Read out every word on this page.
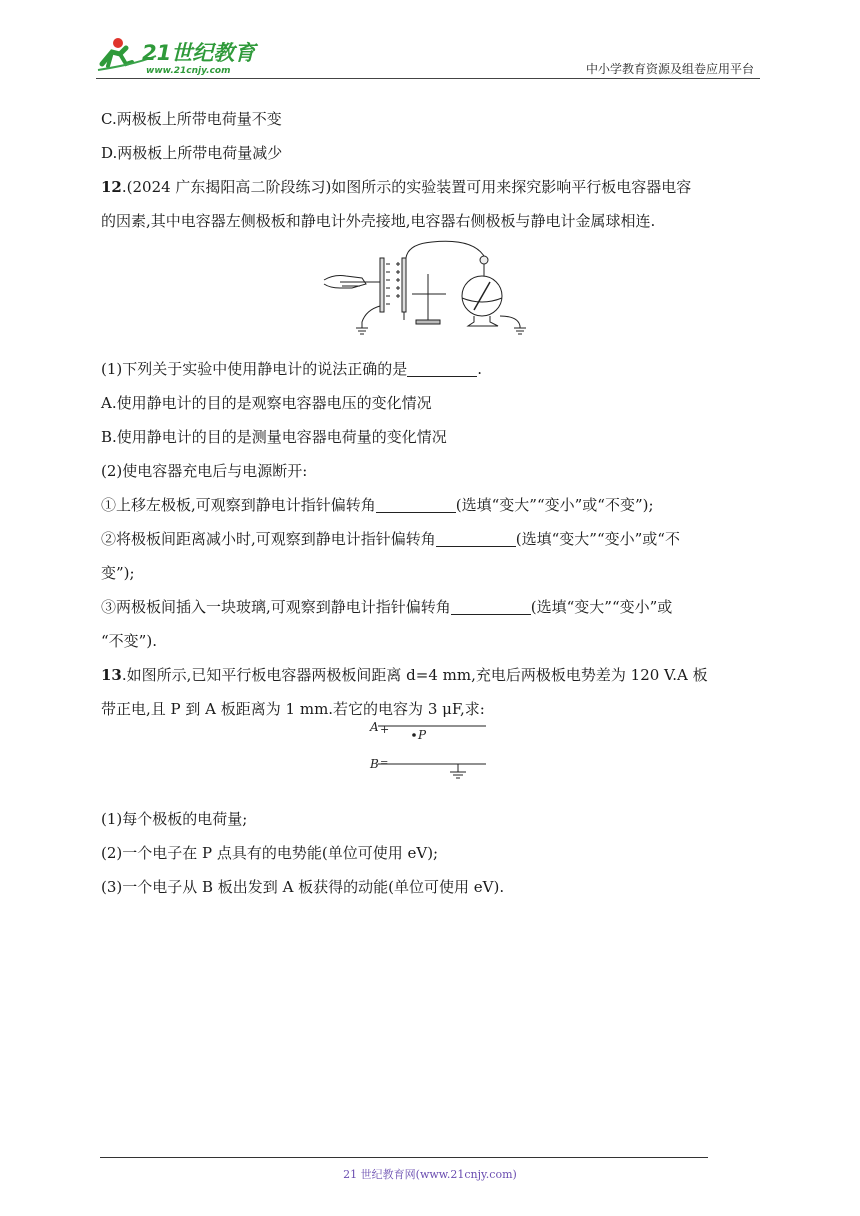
21世纪教育
www.21cnjy.com	中小学教育资源及组卷应用平台
C.两极板上所带电荷量不变
D.两极板上所带电荷量减少
12.(2024 广东揭阳高二阶段练习)如图所示的实验装置可用来探究影响平行板电容器电容
的因素,其中电容器左侧极板和静电计外壳接地,电容器右侧极板与静电计金属球相连.
(1)下列关于实验中使用静电计的说法正确的是	.
A.使用静电计的目的是观察电容器电压的变化情况
B.使用静电计的目的是测量电容器电荷量的变化情况
(2)使电容器充电后与电源断开:
①上移左极板,可观察到静电计指针偏转角	(选填“变大”“变小”或“不变”);
②将极板间距离减小时,可观察到静电计指针偏转角	(选填“变大”“变小”或“不
变”);
③两极板间插入一块玻璃,可观察到静电计指针偏转角	(选填“变大”“变小”或
“不变”).
13.如图所示,已知平行板电容器两极板间距离 d=4 mm,充电后两极板电势差为 120 V.A 板
带正电,且 P 到 A 板距离为 1 mm.若它的电容为 3 μF,求:
(1)每个极板的电荷量;
(2)一个电子在 P 点具有的电势能(单位可使用 eV);
(3)一个电子从 B 板出发到 A 板获得的动能(单位可使用 eV).
A + P
B =
21 世纪教育网(www.21cnjy.com)
